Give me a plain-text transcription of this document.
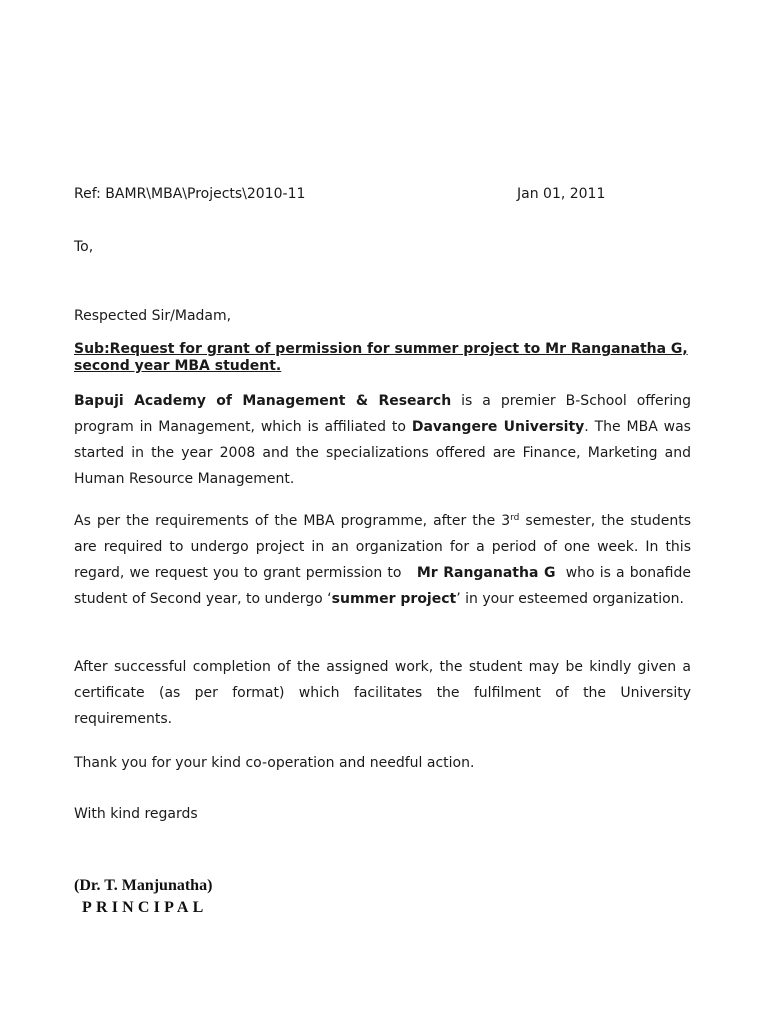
Ref: BAMR\MBA\Projects\2010-11	Jan 01, 2011
To,
Respected Sir/Madam,
Sub:Request for grant of permission for summer project to Mr Ranganatha G,
second year MBA student.

Bapuji Academy of Management & Research is a premier B-School offering program in Management, which is affiliated to Davangere University. The MBA was started in the year 2008 and the specializations offered are Finance, Marketing and Human Resource Management.

As per the requirements of the MBA programme, after the 3rd semester, the students are required to undergo project in an organization for a period of one week. In this regard, we request you to grant permission to   Mr Ranganatha G  who is a bonafide student of Second year, to undergo ‘summer project’ in your esteemed organization.

After successful completion of the assigned work, the student may be kindly given a certificate (as per format) which facilitates the fulfilment of the University requirements.

Thank you for your kind co-operation and needful action.
With kind regards
(Dr. T. Manjunatha)
PRINCIPAL
